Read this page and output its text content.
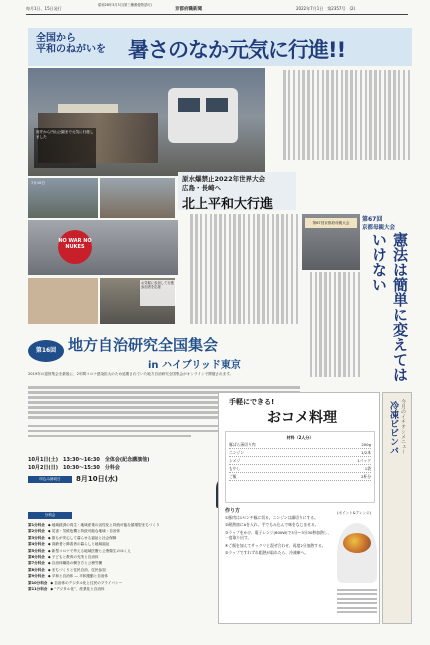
毎月1日、15日発行
昭和28年3月3日(第三種郵便物認可)
京都府職新聞	2022年7月1日　第2357号　(2)
全国から
平和のねがいを 暑さのなか元気に行進!!
府庁から円山公園まで元気に行進しました
原水爆禁止2022年世界大会
広島・長崎へ
北上平和大行進
7月10日
NO WAR NO NUKES
お気軽に参加して行進参加者を応援
第67回京都府母親大会	第67回
京都母親大会
憲法は簡単に変えてはいけない
第16回 地方自治研究全国集会
in ハイブリッド東京
2019年の滋賀集会を最後に、2年間コロナ感染拡大のため延期されていた地方自治研究全国集会がオンラインで開催されます。
10月1日(土)　13:30〜16:30　全体会(記念講演他)
10月2日(日)　10:30〜15:30　分科会
申込み締切日	8月10日(水)
分科会
第1分科会 ◆ 地域経済の再生・地域産業の活性化と持続可能な循環型まちづくり
第2分科会 ◆ 災害・気候危機と持続可能な地域・自治体
第3分科会 ◆ 誰もが安心して暮らせる福祉と社会保障
第4分科会 ◆ 高齢者と障害者の暮らしと地域福祉
第5分科会 ◆ 新型コロナで考える地域医療と公衆衛生のゆくえ
第6分科会 ◆ 子どもと教育の充実と自治体
第7分科会 ◆ 自治体職員の働き方と公務労働
第8分科会 ◆ まちづくりと住民自治、住民参加
第9分科会 ◆ 平和と自治体 — 平和運動と自治体
第10分科会 ◆ 自治体のデジタル化と住民のプライバシー
第11分科会 ◆ “デジタル化”、産業化と自治体
手軽にできる!
おコメ料理
材料（2人分）
豚ばら薄切り肉	200g
ニンジン	1/2本
シメジ	1パック
もやし	1袋
ご飯	2杯分
作り方
①豚肉は1センチ幅に切る。ニンジンは細切りにする。
②耐熱皿にAを入れ、手でもみ込んで味をなじませる。
③ラップをかけ、電子レンジ(600W)で3分〜3分30秒加熱し、一度取り出す。
④ご飯を加えてサックリと混ぜ合わせ、再度2分加熱する。
⑤ラップですれずれ粗熱が取れたら、冷凍庫へ。
(ポイント&アレンジ)
今月のイチオシメニュー
冷凍ビビンバ
